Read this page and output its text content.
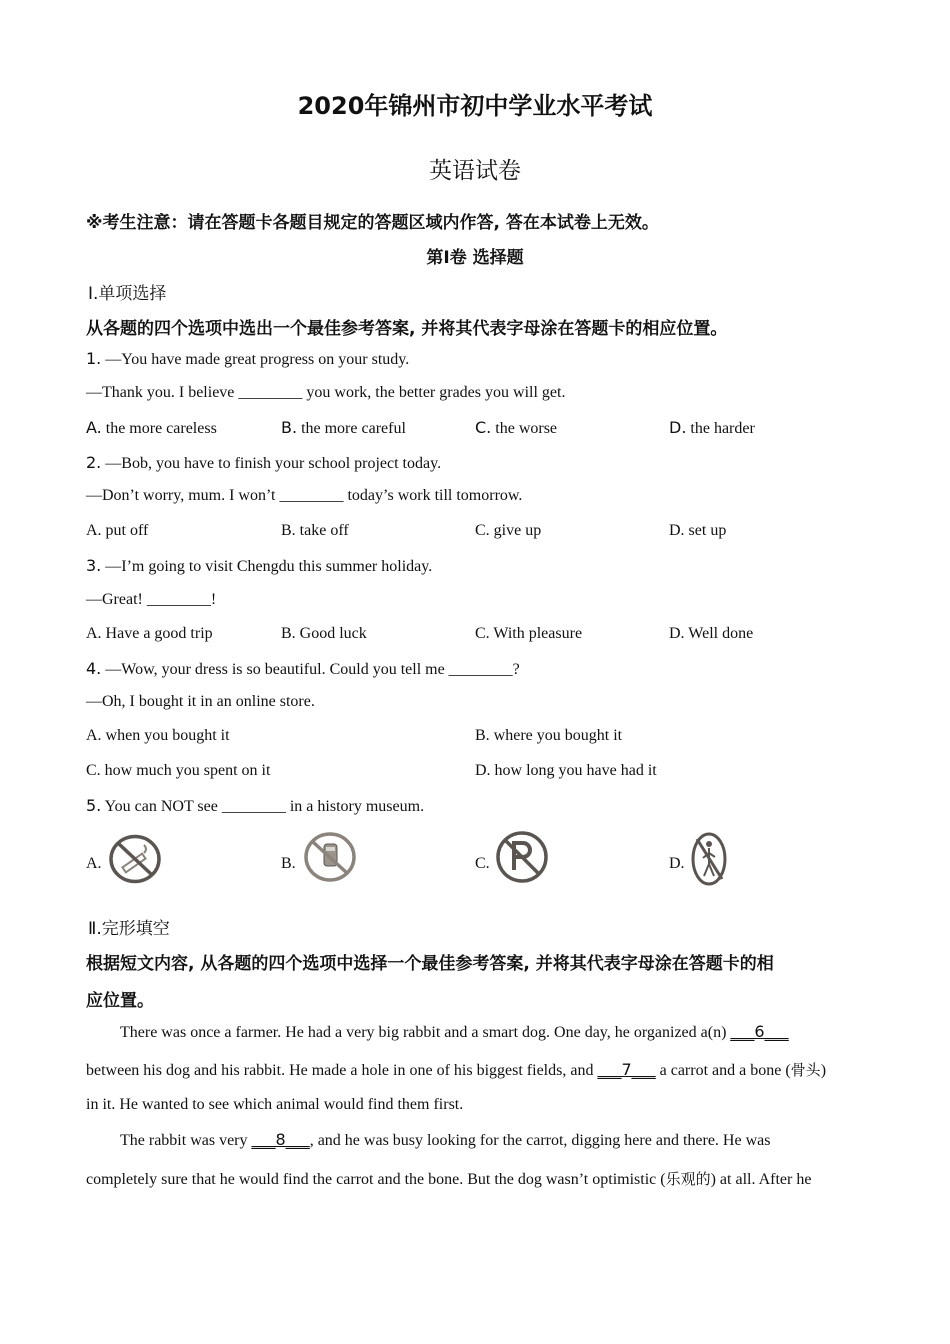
2020年锦州市初中学业水平考试
英语试卷
※考生注意：请在答题卡各题目规定的答题区域内作答, 答在本试卷上无效。
第Ⅰ卷 选择题
Ⅰ.单项选择
从各题的四个选项中选出一个最佳参考答案, 并将其代表字母涂在答题卡的相应位置。
1. —You have made great progress on your study.
—Thank you. I believe ________ you work, the better grades you will get.
A. the more careless	B. the more careful	C. the worse	D. the harder
2. —Bob, you have to finish your school project today.
—Don’t worry, mum. I won’t ________ today’s work till tomorrow.
A. put off	B. take off	C. give up	D. set up
3. —I’m going to visit Chengdu this summer holiday.
—Great! ________!
A. Have a good trip	B. Good luck	C. With pleasure	D. Well done
4. —Wow, your dress is so beautiful. Could you tell me ________?
—Oh, I bought it in an online store.
A. when you bought it	B. where you bought it
C. how much you spent on it	D. how long you have had it
5. You can NOT see ________ in a history museum.
A.	B.	C.	D.
Ⅱ.完形填空
根据短文内容, 从各题的四个选项中选择一个最佳参考答案, 并将其代表字母涂在答题卡的相
应位置。
There was once a farmer. He had a very big rabbit and a smart dog. One day, he organized a(n) ___6___
between his dog and his rabbit. He made a hole in one of his biggest fields, and ___7___ a carrot and a bone (骨头)
in it. He wanted to see which animal would find them first.
The rabbit was very ___8___, and he was busy looking for the carrot, digging here and there. He was
completely sure that he would find the carrot and the bone. But the dog wasn’t optimistic (乐观的) at all. After he
